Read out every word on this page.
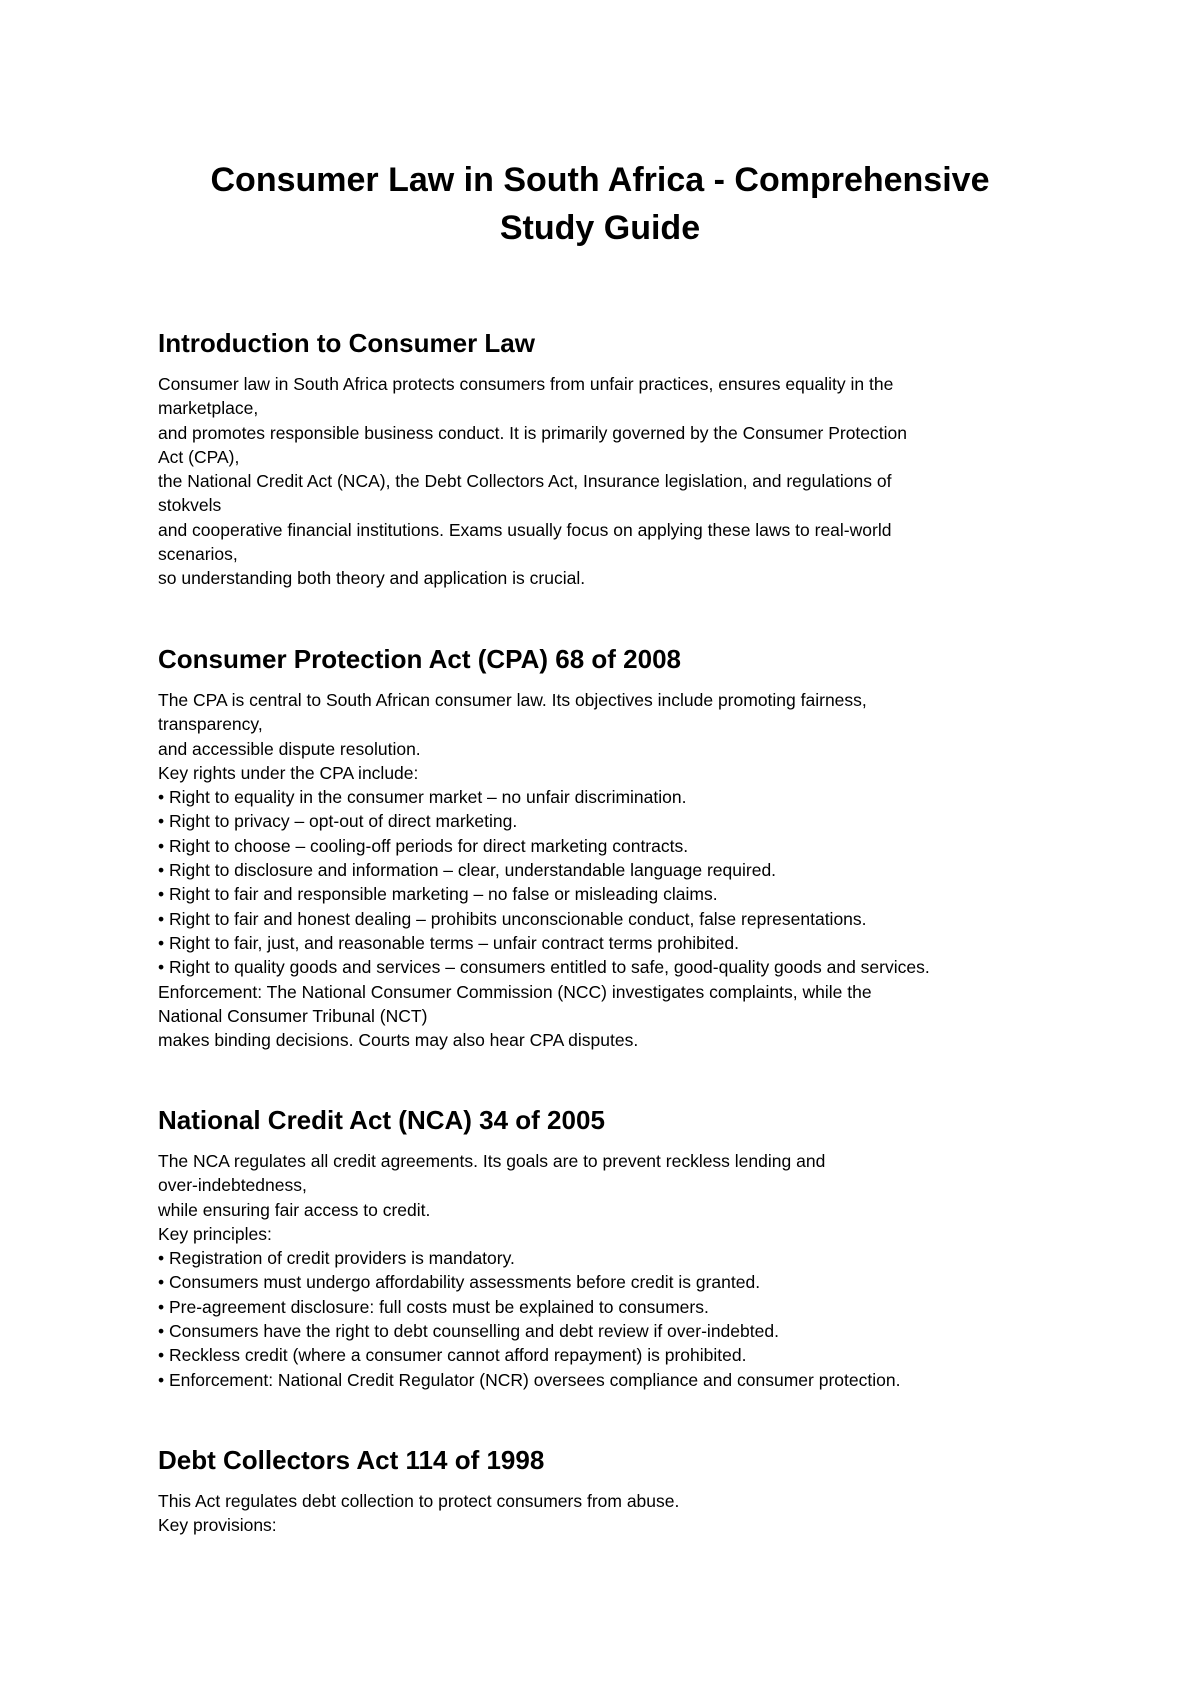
Consumer Law in South Africa - Comprehensive
Study Guide
Introduction to Consumer Law
Consumer law in South Africa protects consumers from unfair practices, ensures equality in the
marketplace,
and promotes responsible business conduct. It is primarily governed by the Consumer Protection
Act (CPA),
the National Credit Act (NCA), the Debt Collectors Act, Insurance legislation, and regulations of
stokvels
and cooperative financial institutions. Exams usually focus on applying these laws to real-world
scenarios,
so understanding both theory and application is crucial.
Consumer Protection Act (CPA) 68 of 2008
The CPA is central to South African consumer law. Its objectives include promoting fairness,
transparency,
and accessible dispute resolution.
Key rights under the CPA include:
• Right to equality in the consumer market – no unfair discrimination.
• Right to privacy – opt-out of direct marketing.
• Right to choose – cooling-off periods for direct marketing contracts.
• Right to disclosure and information – clear, understandable language required.
• Right to fair and responsible marketing – no false or misleading claims.
• Right to fair and honest dealing – prohibits unconscionable conduct, false representations.
• Right to fair, just, and reasonable terms – unfair contract terms prohibited.
• Right to quality goods and services – consumers entitled to safe, good-quality goods and services.
Enforcement: The National Consumer Commission (NCC) investigates complaints, while the
National Consumer Tribunal (NCT)
makes binding decisions. Courts may also hear CPA disputes.
National Credit Act (NCA) 34 of 2005
The NCA regulates all credit agreements. Its goals are to prevent reckless lending and
over-indebtedness,
while ensuring fair access to credit.
Key principles:
• Registration of credit providers is mandatory.
• Consumers must undergo affordability assessments before credit is granted.
• Pre-agreement disclosure: full costs must be explained to consumers.
• Consumers have the right to debt counselling and debt review if over-indebted.
• Reckless credit (where a consumer cannot afford repayment) is prohibited.
• Enforcement: National Credit Regulator (NCR) oversees compliance and consumer protection.
Debt Collectors Act 114 of 1998
This Act regulates debt collection to protect consumers from abuse.
Key provisions:
